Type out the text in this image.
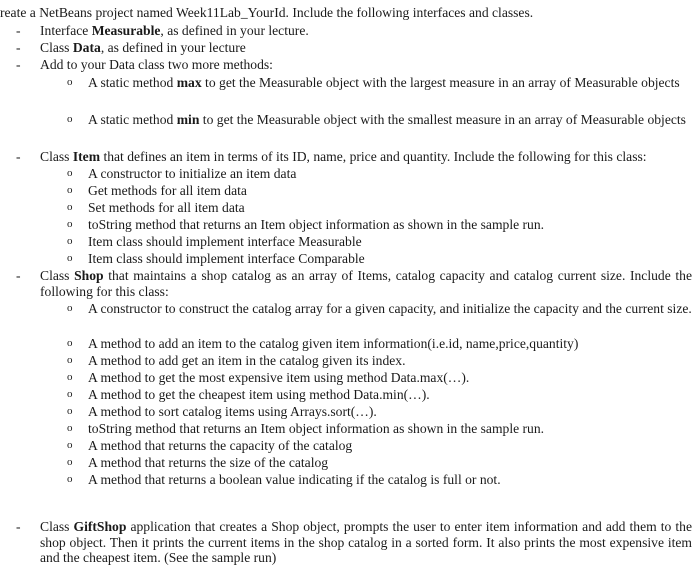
reate a NetBeans project named Week11Lab_YourId. Include the following interfaces and classes.
- Interface Measurable, as defined in your lecture.
- Class Data, as defined in your lecture
- Add to your Data class two more methods:
o A static method max to get the Measurable object with the largest measure in an array of Measurable objects
o A static method min to get the Measurable object with the smallest measure in an array of Measurable objects
- Class Item that defines an item in terms of its ID, name, price and quantity. Include the following for this class:
o A constructor to initialize an item data
o Get methods for all item data
o Set methods for all item data
o toString method that returns an Item object information as shown in the sample run.
o Item class should implement interface Measurable
o Item class should implement interface Comparable
- Class Shop that maintains a shop catalog as an array of Items, catalog capacity and catalog current size. Include the following for this class:
o A constructor to construct the catalog array for a given capacity, and initialize the capacity and the current size.
o A method to add an item to the catalog given item information(i.e.id, name,price,quantity)
o A method to add get an item in the catalog given its index.
o A method to get the most expensive item using method Data.max(…).
o A method to get the cheapest item using method Data.min(…).
o A method to sort catalog items using Arrays.sort(…).
o toString method that returns an Item object information as shown in the sample run.
o A method that returns the capacity of the catalog
o A method that returns the size of the catalog
o A method that returns a boolean value indicating if the catalog is full or not.
- Class GiftShop application that creates a Shop object, prompts the user to enter item information and add them to the shop object. Then it prints the current items in the shop catalog in a sorted form. It also prints the most expensive item and the cheapest item. (See the sample run)
